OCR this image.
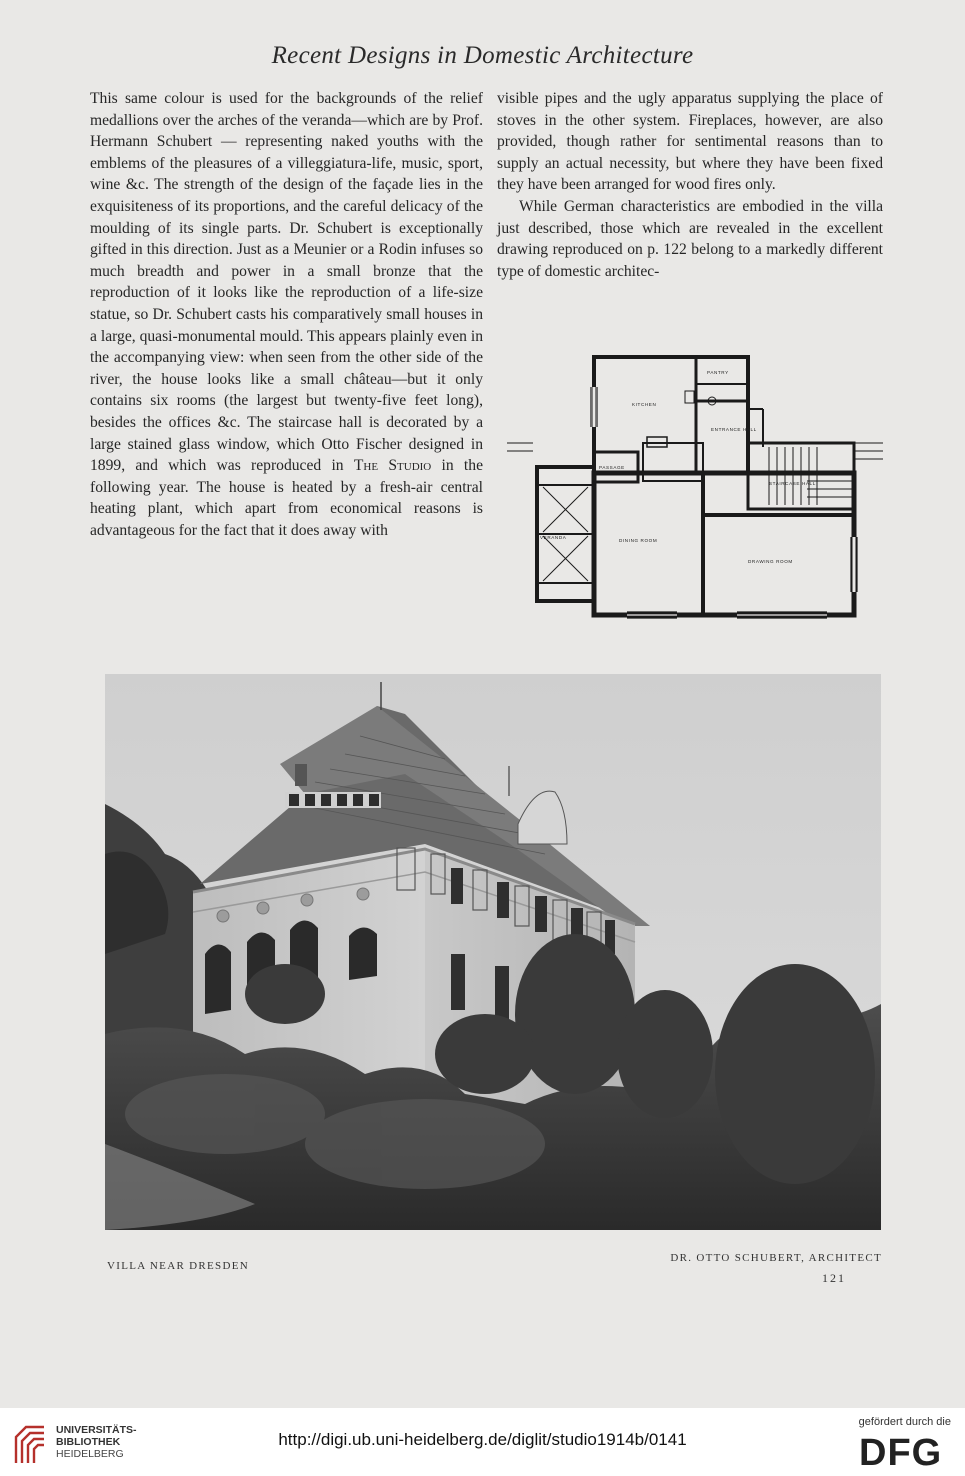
Recent Designs in Domestic Architecture

This same colour is used for the backgrounds of the relief medallions over the arches of the veranda—which are by Prof. Hermann Schubert — representing naked youths with the emblems of the pleasures of a villeggiatura-life, music, sport, wine &c. The strength of the design of the façade lies in the exquisiteness of its proportions, and the careful delicacy of the moulding of its single parts. Dr. Schubert is exceptionally gifted in this direction. Just as a Meunier or a Rodin infuses so much breadth and power in a small bronze that the reproduction of it looks like the reproduction of a life-size statue, so Dr. Schubert casts his comparatively small houses in a large, quasi-monumental mould. This appears plainly even in the accompanying view: when seen from the other side of the river, the house looks like a small château—but it only contains six rooms (the largest but twenty-five feet long), besides the offices &c. The staircase hall is decorated by a large stained glass window, which Otto Fischer designed in 1899, and which was reproduced in The Studio in the following year. The house is heated by a fresh-air central heating plant, which apart from economical reasons is advantageous for the fact that it does away with

visible pipes and the ugly apparatus supplying the place of stoves in the other system. Fireplaces, however, are also provided, though rather for sentimental reasons than to supply an actual necessity, but where they have been fixed they have been arranged for wood fires only.

While German characteristics are embodied in the villa just described, those which are revealed in the excellent drawing reproduced on p. 122 belong to a markedly different type of domestic architec-

PANTRY
KITCHEN
ENTRANCE HALL
PASSAGE
STAIRCASE HALL
VERANDA
DINING ROOM
DRAWING ROOM
VILLA NEAR DRESDEN
DR. OTTO SCHUBERT, ARCHITECT
121
UNIVERSITÄTS-
BIBLIOTHEK
HEIDELBERG
http://digi.ub.uni-heidelberg.de/diglit/studio1914b/0141
gefördert durch die
DFG
